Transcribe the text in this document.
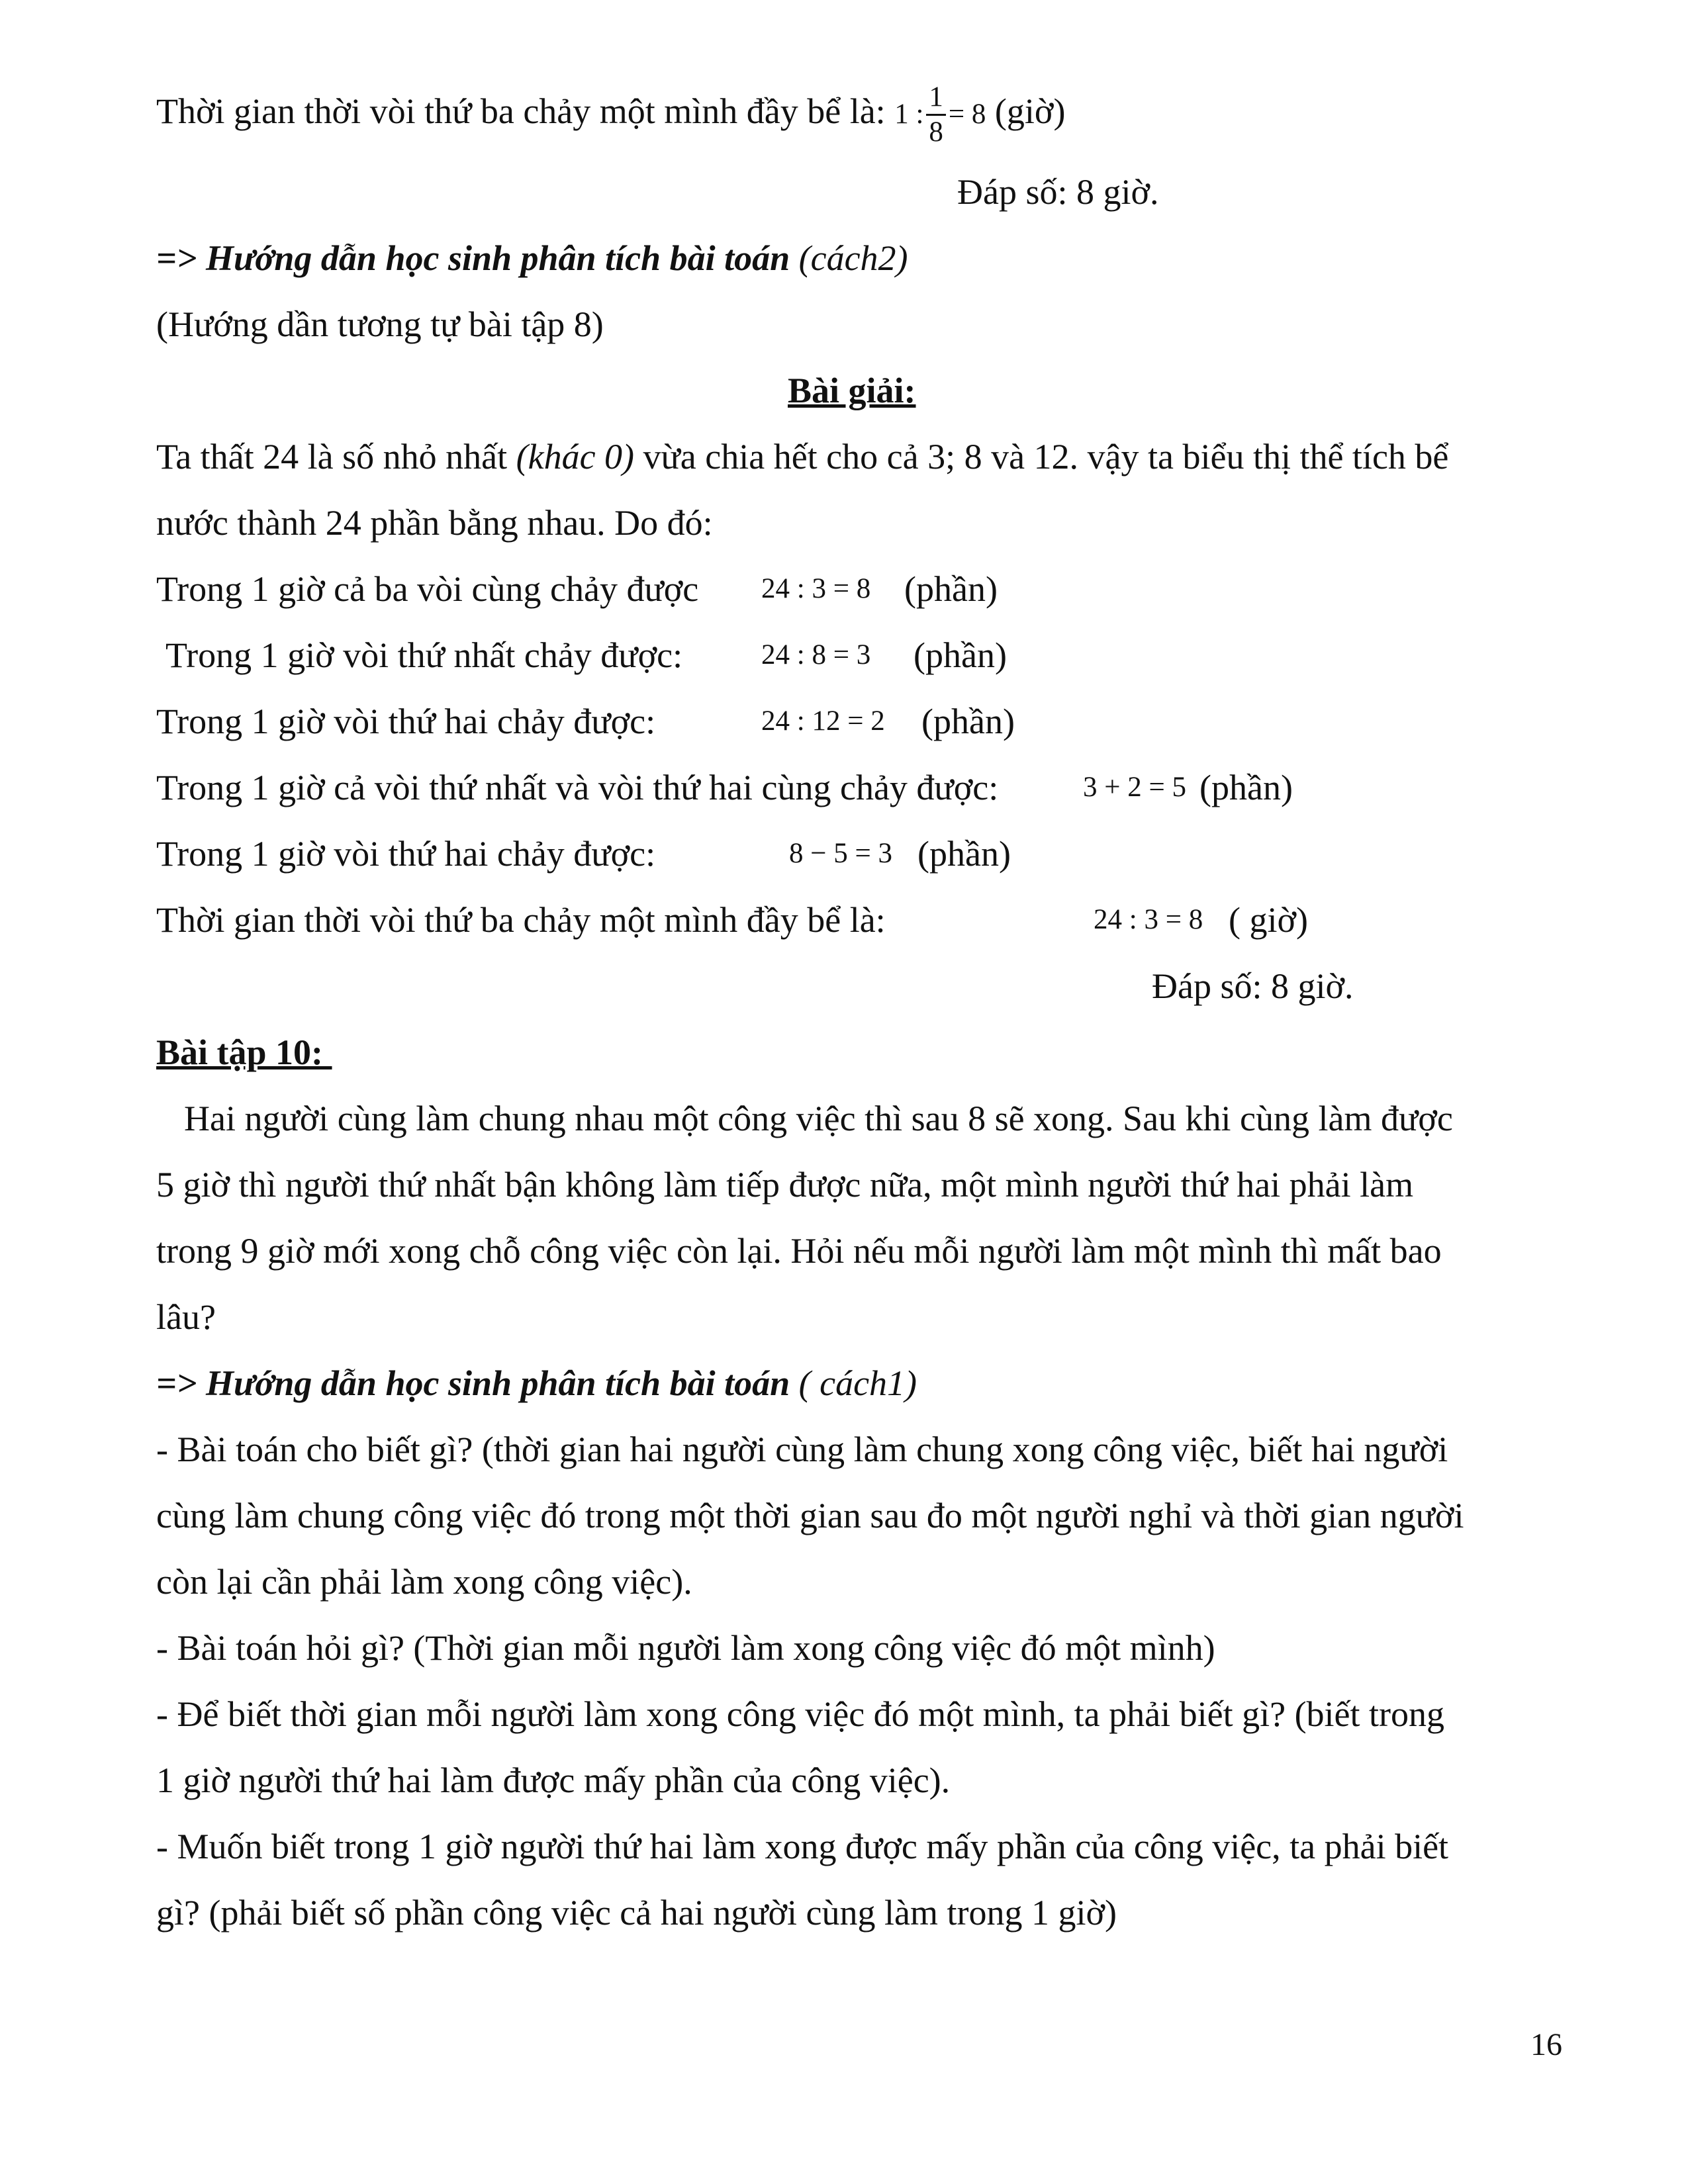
Thời gian thời vòi thứ ba chảy một mình đầy bể là: 1 : $\frac{1}{8} = 8$ (giờ)
Đáp số: 8 giờ.
=> Hướng dẫn học sinh phân tích bài toán (cách2)
(Hướng dần tương tự bài tập 8)
Bài giải:
Ta thất 24 là số nhỏ nhất (khác 0) vừa chia hết cho cả 3; 8 và 12. vậy ta biểu thị thể tích bể
nước thành 24 phần bằng nhau. Do đó:
Trong 1 giờ cả ba vòi cùng chảy được 24 : 3 = 8 (phần)
Trong 1 giờ vòi thứ nhất chảy được:	24 : 8 = 3 (phần)
Trong 1 giờ vòi thứ hai chảy được:	24 : 12 = 2 (phần)
Trong 1 giờ cả vòi thứ nhất và vòi thứ hai cùng chảy được:	3 + 2 = 5 (phần)
Trong 1 giờ vòi thứ hai chảy được:	8 − 5 = 3 (phần)
Thời gian thời vòi thứ ba chảy một mình đầy bể là:	24 : 3 = 8 ( giờ)
Đáp số: 8 giờ.
Bài tập 10:
Hai người cùng làm chung nhau một công việc thì sau 8 sẽ xong. Sau khi cùng làm được
5 giờ thì người thứ nhất bận không làm tiếp được nữa, một mình người thứ hai phải làm
trong 9 giờ mới xong chỗ công việc còn lại. Hỏi nếu mỗi người làm một mình thì mất bao
lâu?
=> Hướng dẫn học sinh phân tích bài toán ( cách1)
- Bài toán cho biết gì? (thời gian hai người cùng làm chung xong công việc, biết hai người
cùng làm chung công việc đó trong một thời gian sau đo một người nghỉ và thời gian người
còn lại cần phải làm xong công việc).
- Bài toán hỏi gì? (Thời gian mỗi người làm xong công việc đó một mình)
- Để biết thời gian mỗi người làm xong công việc đó một mình, ta phải biết gì? (biết trong
1 giờ người thứ hai làm được mấy phần của công việc).
- Muốn biết trong 1 giờ người thứ hai làm xong được mấy phần của công việc, ta phải biết
gì? (phải biết số phần công việc cả hai người cùng làm trong 1 giờ)
16
